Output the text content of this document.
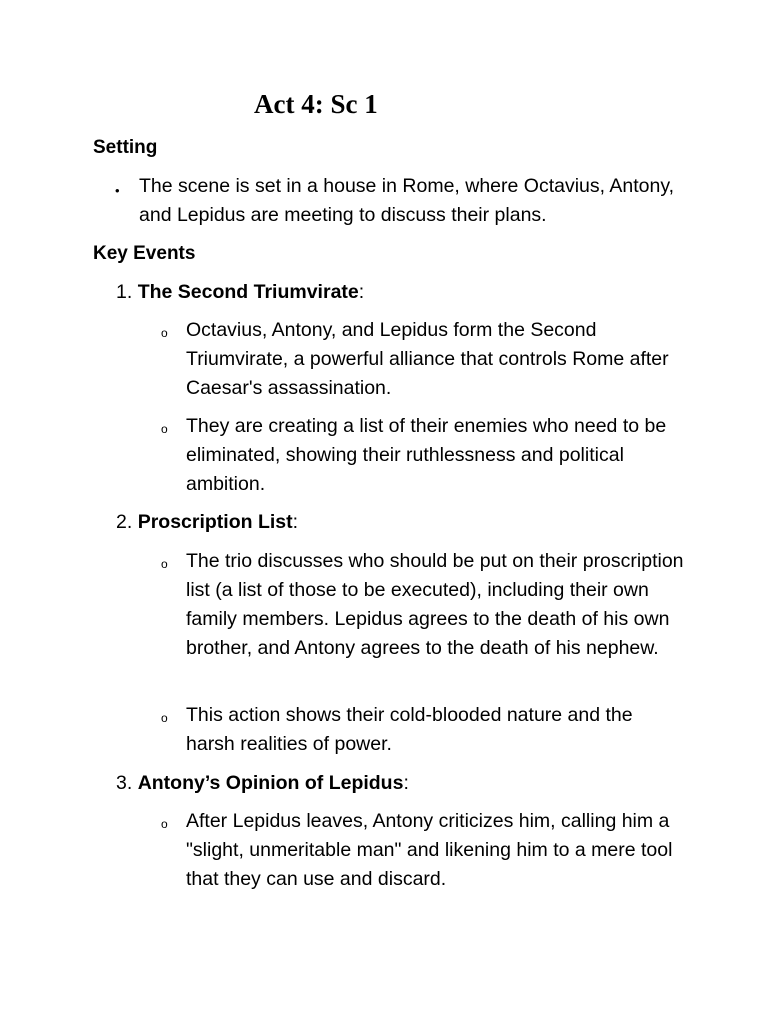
Act 4: Sc 1
Setting
• The scene is set in a house in Rome, where Octavius, Antony, and Lepidus are meeting to discuss their plans.

Key Events
1. The Second Triumvirate:
o Octavius, Antony, and Lepidus form the Second Triumvirate, a powerful alliance that controls Rome after Caesar's assassination.

o They are creating a list of their enemies who need to be eliminated, showing their ruthlessness and political ambition.

2. Proscription List:
o The trio discusses who should be put on their proscription list (a list of those to be executed), including their own family members. Lepidus agrees to the death of his own brother, and Antony agrees to the death of his nephew.

o This action shows their cold-blooded nature and the harsh realities of power.

3. Antony’s Opinion of Lepidus:
o After Lepidus leaves, Antony criticizes him, calling him a "slight, unmeritable man" and likening him to a mere tool that they can use and discard.
